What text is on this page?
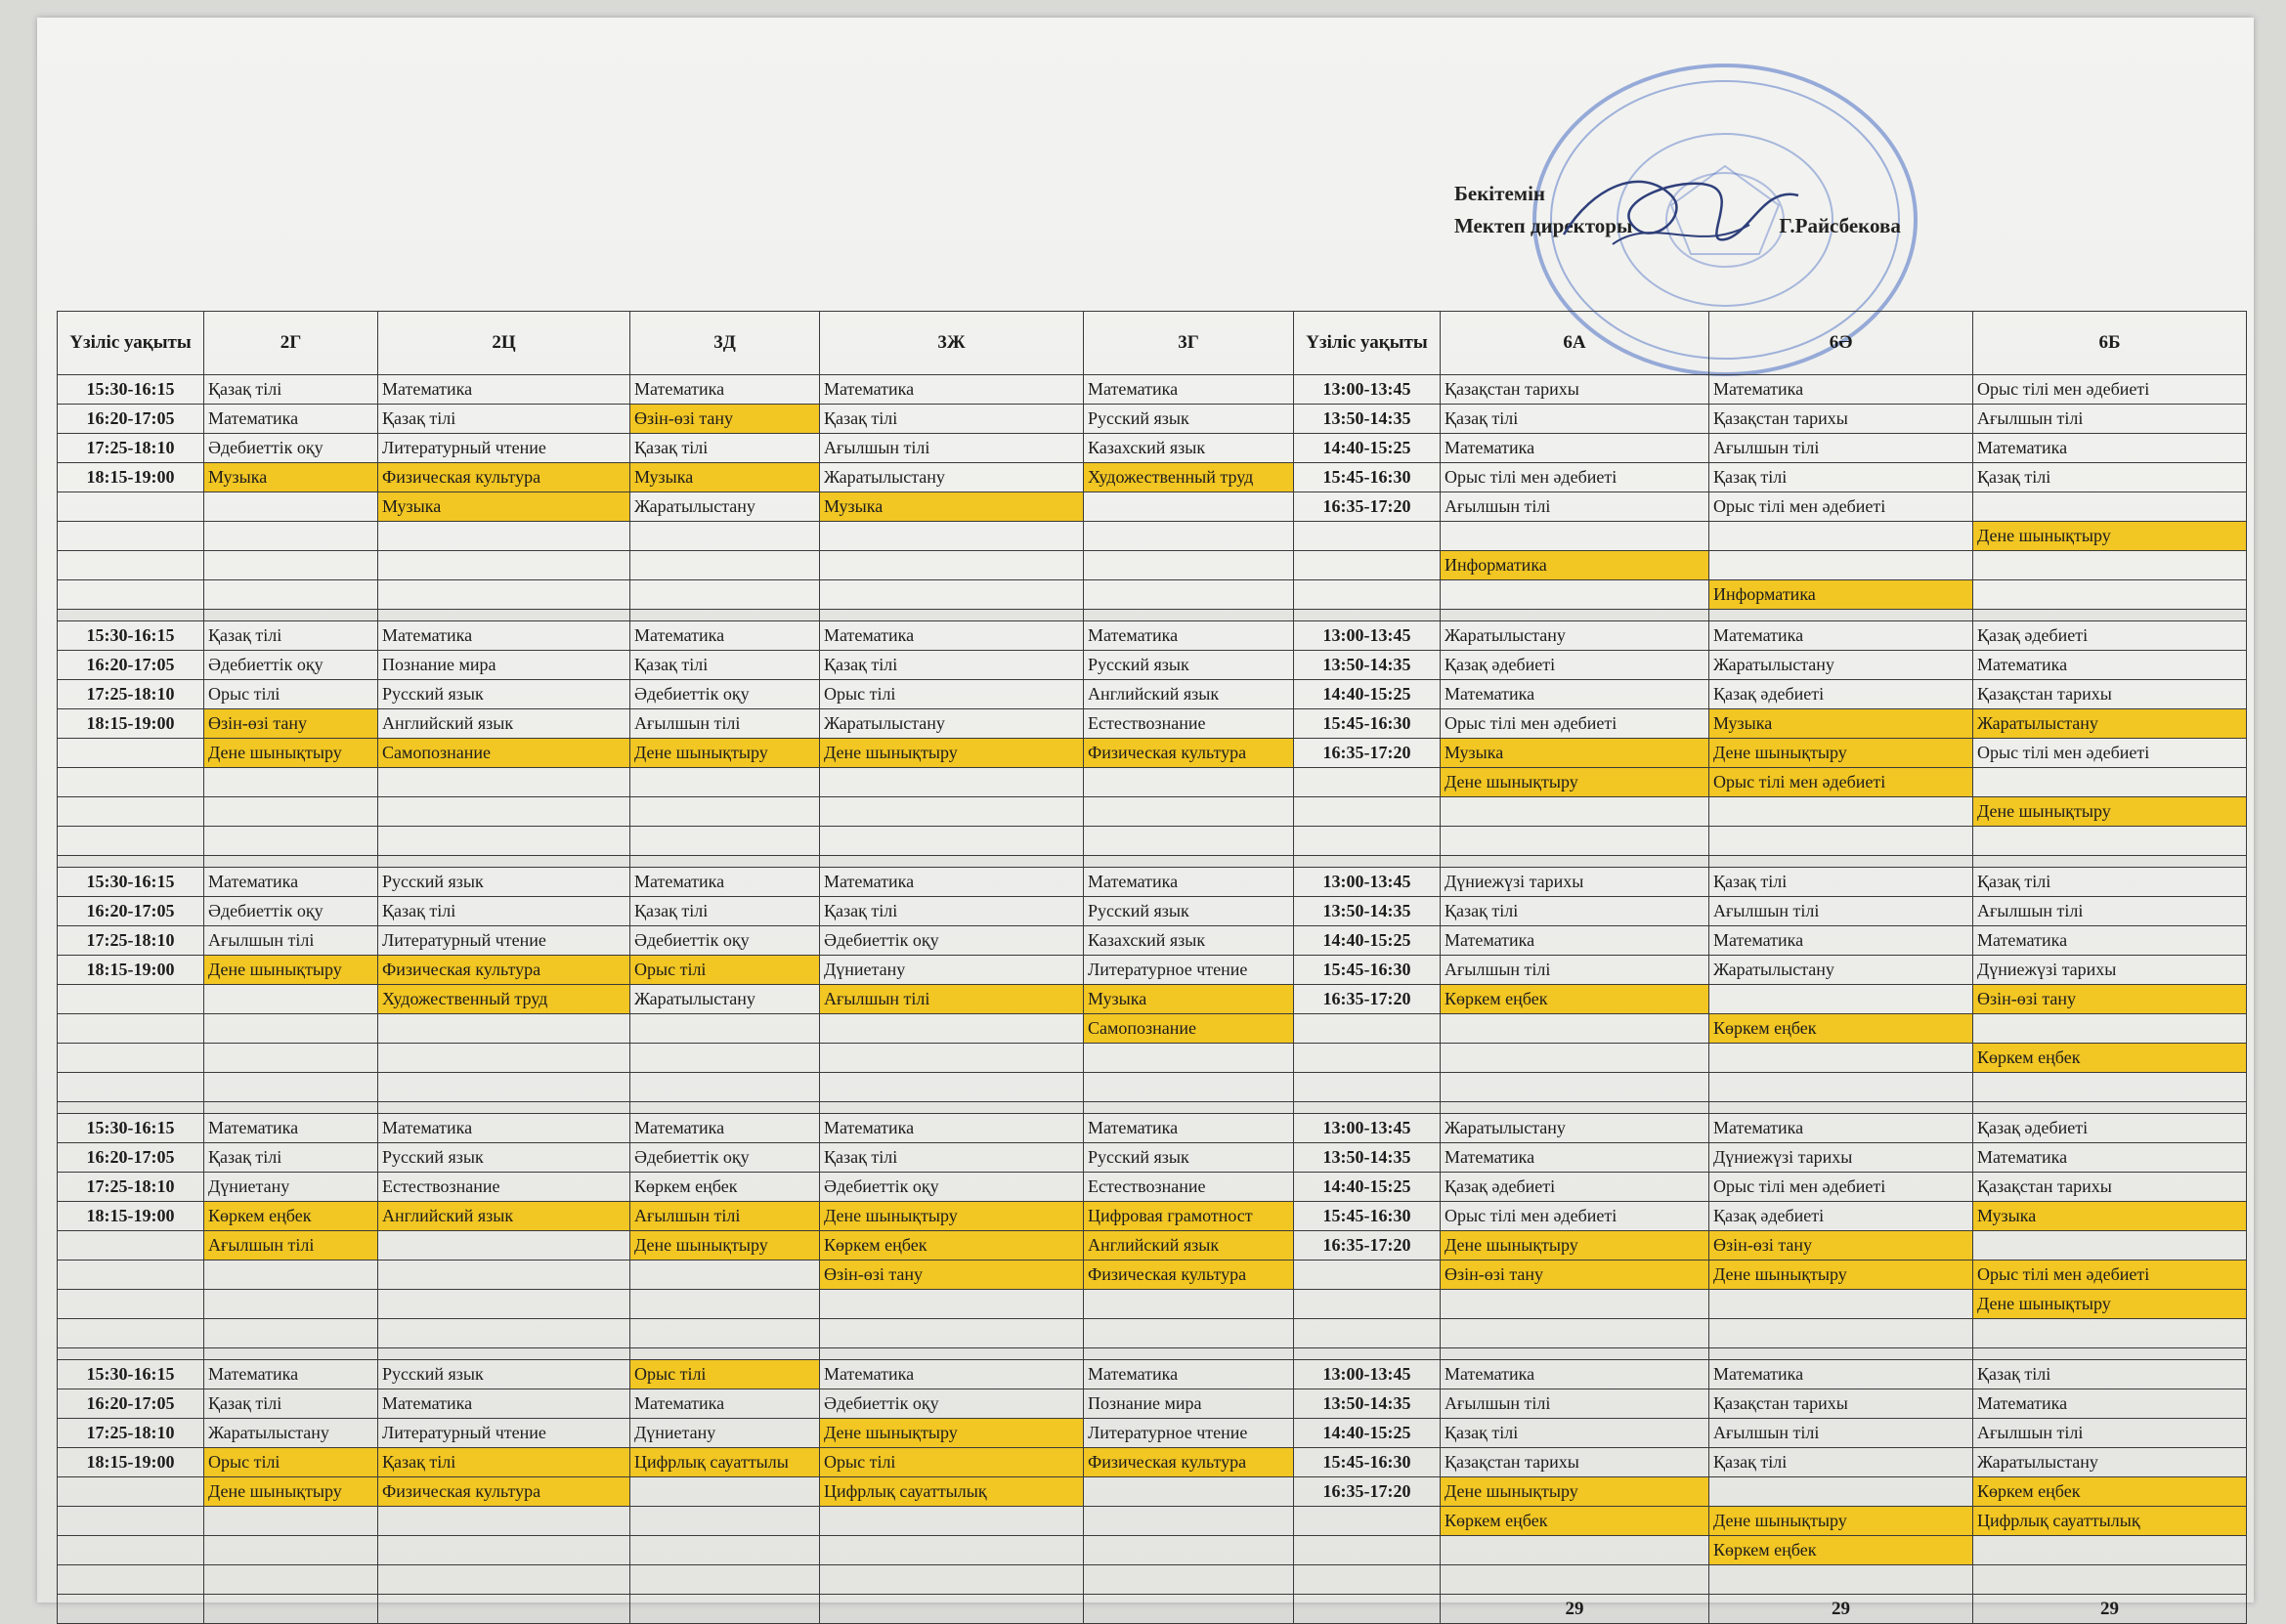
Бекітемін
Мектеп директоры	Г.Райсбекова
Үзіліс уақыты	2Г	2Ц	3Д	3Ж	3Г	Үзіліс уақыты	6А	6Ә	6Б
15:30-16:15	Қазақ тілі	Математика	Математика	Математика	Математика	13:00-13:45	Қазақстан тарихы	Математика	Орыс тілі мен әдебиеті
16:20-17:05	Математика	Қазақ тілі	Өзін-өзі тану	Қазақ тілі	Русский язык	13:50-14:35	Қазақ тілі	Қазақстан тарихы	Ағылшын тілі
17:25-18:10	Әдебиеттік оқу	Литературный чтение	Қазақ тілі	Ағылшын тілі	Казахский язык	14:40-15:25	Математика	Ағылшын тілі	Математика
18:15-19:00	Музыка	Физическая культура	Музыка	Жаратылыстану	Художественный труд	15:45-16:30	Орыс тілі мен әдебиеті	Қазақ тілі	Қазақ тілі
		Музыка	Жаратылыстану	Музыка		16:35-17:20	Ағылшын тілі	Орыс тілі мен әдебиеті	
									Дене шынықтыру
							Информатика		
								Информатика	

15:30-16:15	Қазақ тілі	Математика	Математика	Математика	Математика	13:00-13:45	Жаратылыстану	Математика	Қазақ әдебиеті
16:20-17:05	Әдебиеттік оқу	Познание мира	Қазақ тілі	Қазақ тілі	Русский язык	13:50-14:35	Қазақ әдебиеті	Жаратылыстану	Математика
17:25-18:10	Орыс тілі	Русский язык	Әдебиеттік оқу	Орыс тілі	Английский язык	14:40-15:25	Математика	Қазақ әдебиеті	Қазақстан тарихы
18:15-19:00	Өзін-өзі тану	Английский язык	Ағылшын тілі	Жаратылыстану	Естествознание	15:45-16:30	Орыс тілі мен әдебиеті	Музыка	Жаратылыстану
	Дене шынықтыру	Самопознание	Дене шынықтыру	Дене шынықтыру	Физическая культура	16:35-17:20	Музыка	Дене шынықтыру	Орыс тілі мен әдебиеті
							Дене шынықтыру	Орыс тілі мен әдебиеті	
									Дене шынықтыру

15:30-16:15	Математика	Русский язык	Математика	Математика	Математика	13:00-13:45	Дүниежүзі тарихы	Қазақ тілі	Қазақ тілі
16:20-17:05	Әдебиеттік оқу	Қазақ тілі	Қазақ тілі	Қазақ тілі	Русский язык	13:50-14:35	Қазақ тілі	Ағылшын тілі	Ағылшын тілі
17:25-18:10	Ағылшын тілі	Литературный чтение	Әдебиеттік оқу	Әдебиеттік оқу	Казахский язык	14:40-15:25	Математика	Математика	Математика
18:15-19:00	Дене шынықтыру	Физическая культура	Орыс тілі	Дүниетану	Литературное чтение	15:45-16:30	Ағылшын тілі	Жаратылыстану	Дүниежүзі тарихы
		Художественный труд	Жаратылыстану	Ағылшын тілі	Музыка	16:35-17:20	Көркем еңбек		Өзін-өзі тану
					Самопознание			Көркем еңбек	
									Көркем еңбек

15:30-16:15	Математика	Математика	Математика	Математика	Математика	13:00-13:45	Жаратылыстану	Математика	Қазақ әдебиеті
16:20-17:05	Қазақ тілі	Русский язык	Әдебиеттік оқу	Қазақ тілі	Русский язык	13:50-14:35	Математика	Дүниежүзі тарихы	Математика
17:25-18:10	Дүниетану	Естествознание	Көркем еңбек	Әдебиеттік оқу	Естествознание	14:40-15:25	Қазақ әдебиеті	Орыс тілі мен әдебиеті	Қазақстан тарихы
18:15-19:00	Көркем еңбек	Английский язык	Ағылшын тілі	Дене шынықтыру	Цифровая грамотност	15:45-16:30	Орыс тілі мен әдебиеті	Қазақ әдебиеті	Музыка
	Ағылшын тілі		Дене шынықтыру	Көркем еңбек	Английский язык	16:35-17:20	Дене шынықтыру	Өзін-өзі тану	
				Өзін-өзі тану	Физическая культура		Өзін-өзі тану	Дене шынықтыру	Орыс тілі мен әдебиеті
									Дене шынықтыру

15:30-16:15	Математика	Русский язык	Орыс тілі	Математика	Математика	13:00-13:45	Математика	Математика	Қазақ тілі
16:20-17:05	Қазақ тілі	Математика	Математика	Әдебиеттік оқу	Познание мира	13:50-14:35	Ағылшын тілі	Қазақстан тарихы	Математика
17:25-18:10	Жаратылыстану	Литературный чтение	Дүниетану	Дене шынықтыру	Литературное чтение	14:40-15:25	Қазақ тілі	Ағылшын тілі	Ағылшын тілі
18:15-19:00	Орыс тілі	Қазақ тілі	Цифрлық сауаттылы	Орыс тілі	Физическая культура	15:45-16:30	Қазақстан тарихы	Қазақ тілі	Жаратылыстану
	Дене шынықтыру	Физическая культура		Цифрлық сауаттылық		16:35-17:20	Дене шынықтыру		Көркем еңбек
							Көркем еңбек	Дене шынықтыру	Цифрлық сауаттылық
								Көркем еңбек	

							29	29	29
